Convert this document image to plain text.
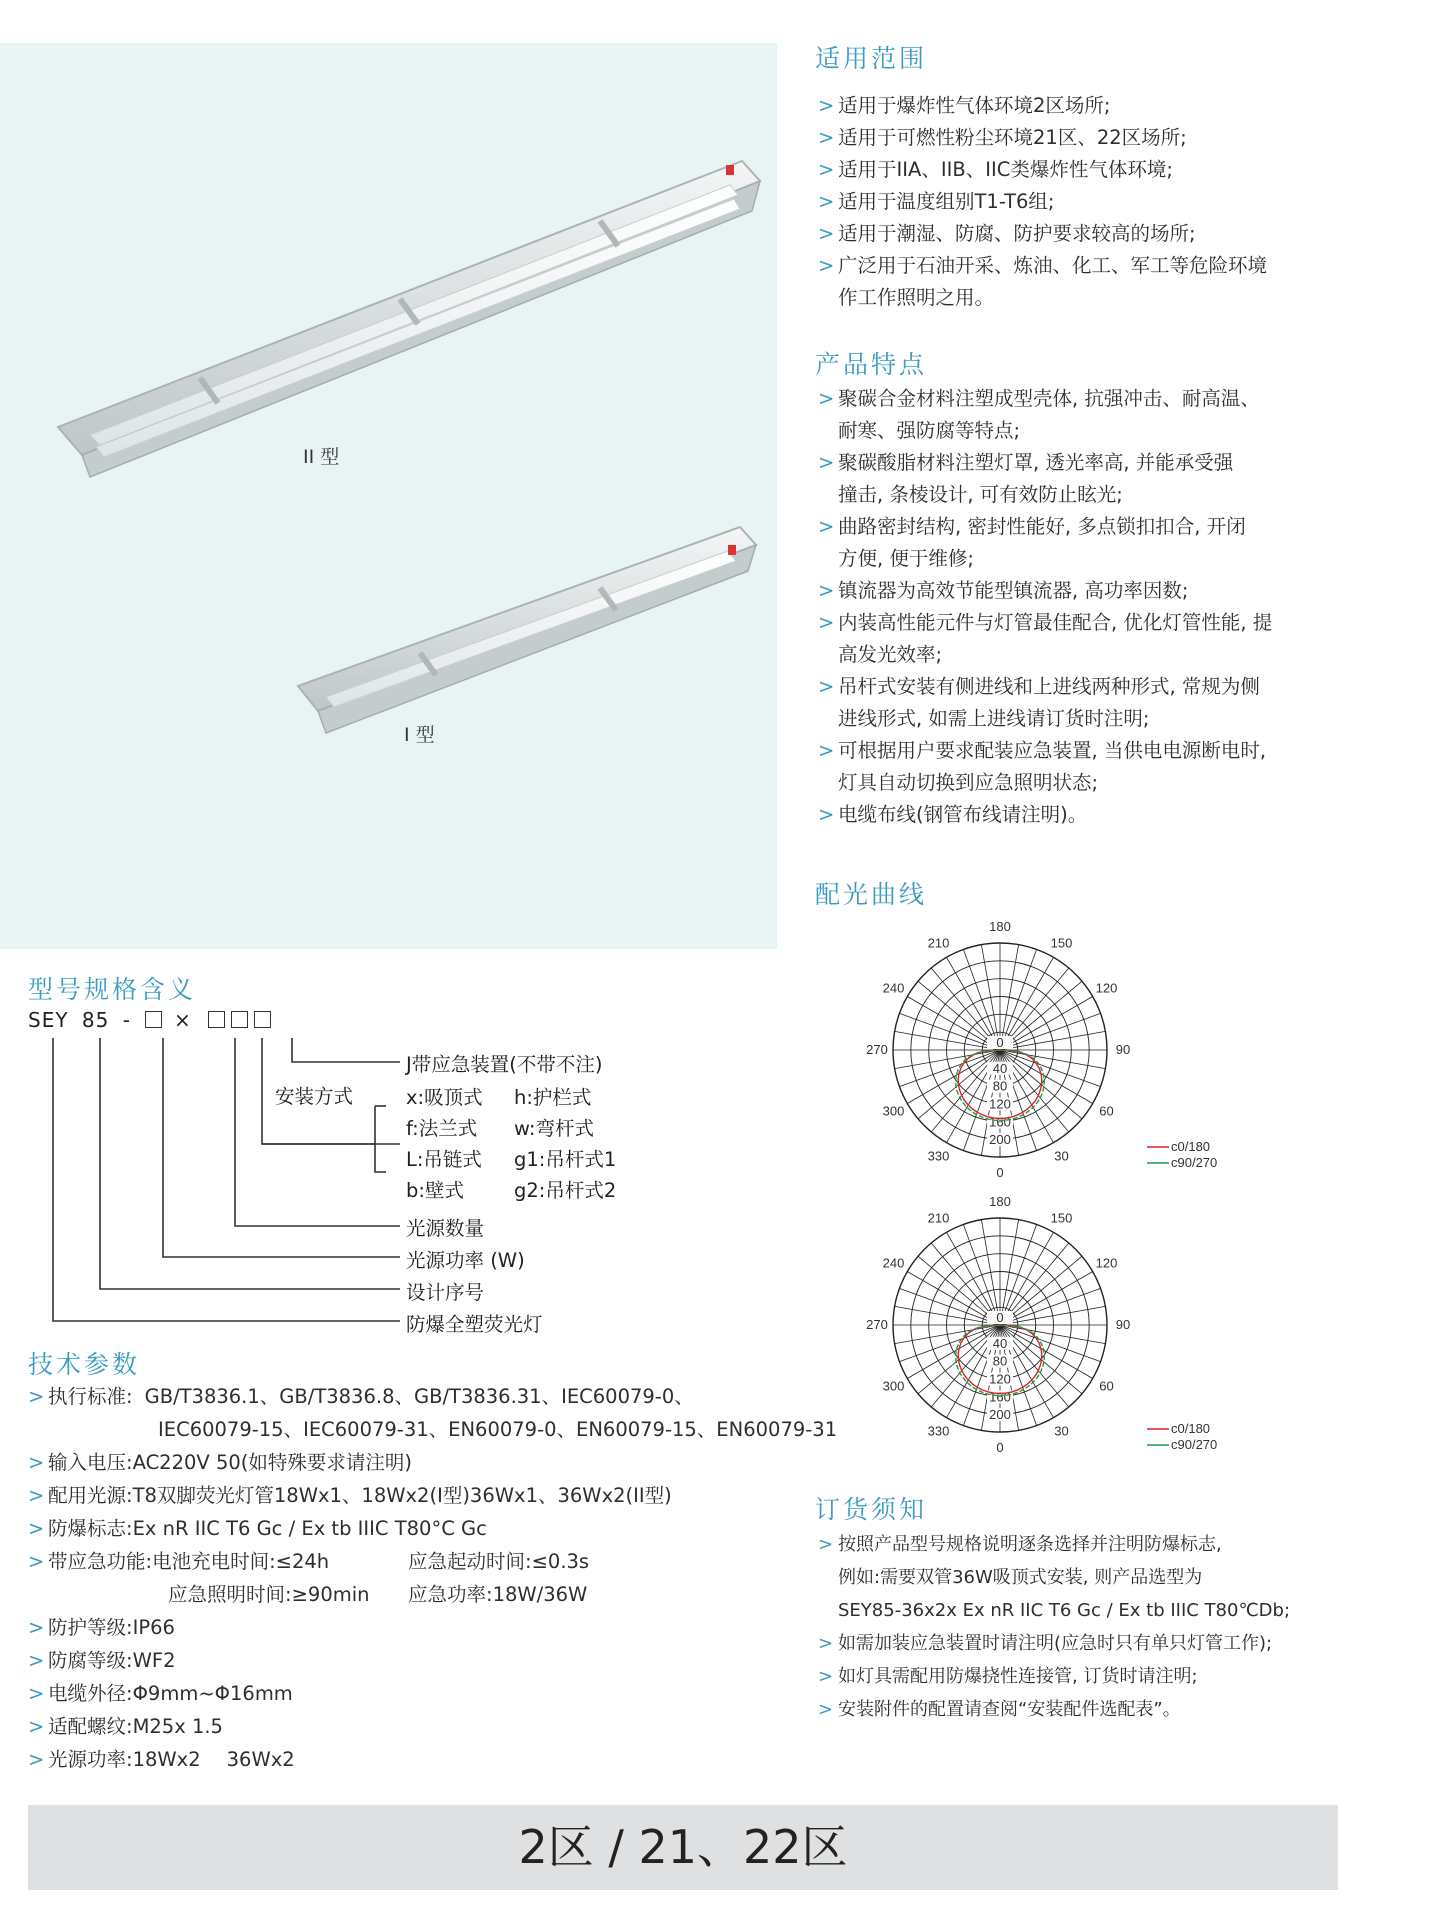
II 型
I 型
适用范围
> 适用于爆炸性气体环境2区场所;
> 适用于可燃性粉尘环境21区、22区场所;
> 适用于IIA、IIB、IIC类爆炸性气体环境;
> 适用于温度组别T1-T6组;
> 适用于潮湿、防腐、防护要求较高的场所;
> 广泛用于石油开采、炼油、化工、军工等危险环境
作工作照明之用。
产品特点
> 聚碳合金材料注塑成型壳体, 抗强冲击、耐高温、
耐寒、强防腐等特点;
> 聚碳酸脂材料注塑灯罩, 透光率高, 并能承受强
撞击, 条棱设计, 可有效防止眩光;
> 曲路密封结构, 密封性能好, 多点锁扣扣合, 开闭
方便, 便于维修;
> 镇流器为高效节能型镇流器, 高功率因数;
> 内装高性能元件与灯管最佳配合, 优化灯管性能, 提
高发光效率;
> 吊杆式安装有侧进线和上进线两种形式, 常规为侧
进线形式, 如需上进线请订货时注明;
> 可根据用户要求配装应急装置, 当供电电源断电时,
灯具自动切换到应急照明状态;
> 电缆布线(钢管布线请注明)。
配光曲线
180
150
120
90
60
30
0
330
300
270
240
210
0
40
80
120
160
200	c0/180
c90/270
180
150
120
90
60
30
0
330
300
270
240
210
0
40
80
120
160
200
c0/180
c90/270
型号规格含义
SEY 85 - ×
J带应急装置(不带不注)
安装方式	x:吸顶式 h:护栏式
f:法兰式 w:弯杆式
L:吊链式 g1:吊杆式1
b:壁式	g2:吊杆式2
光源数量
光源功率 (W)
设计序号
防爆全塑荧光灯
技术参数
> 执行标准: GB/T3836.1、GB/T3836.8、GB/T3836.31、IEC60079-0、
IEC60079-15、IEC60079-31、EN60079-0、EN60079-15、EN60079-31
> 输入电压:AC220V 50(如特殊要求请注明)
> 配用光源:T8双脚荧光灯管18Wx1、18Wx2(I型)36Wx1、36Wx2(II型)
> 防爆标志:Ex nR IIC T6 Gc / Ex tb IIIC T80°C Gc
> 带应急功能:电池充电时间:≤24h	应急起动时间:≤0.3s
应急照明时间:≥90min 应急功率:18W/36W
> 防护等级:IP66
> 防腐等级:WF2
> 电缆外径:Φ9mm~Φ16mm
> 适配螺纹:M25x 1.5
> 光源功率:18Wx2 36Wx2
订货须知
> 按照产品型号规格说明逐条选择并注明防爆标志,
例如:需要双管36W吸顶式安装, 则产品选型为
SEY85-36x2x Ex nR IIC T6 Gc / Ex tb IIIC T80℃Db;
> 如需加装应急装置时请注明(应急时只有单只灯管工作);
> 如灯具需配用防爆挠性连接管, 订货时请注明;
> 安装附件的配置请查阅“安装配件选配表”。
2区 / 21、22区
